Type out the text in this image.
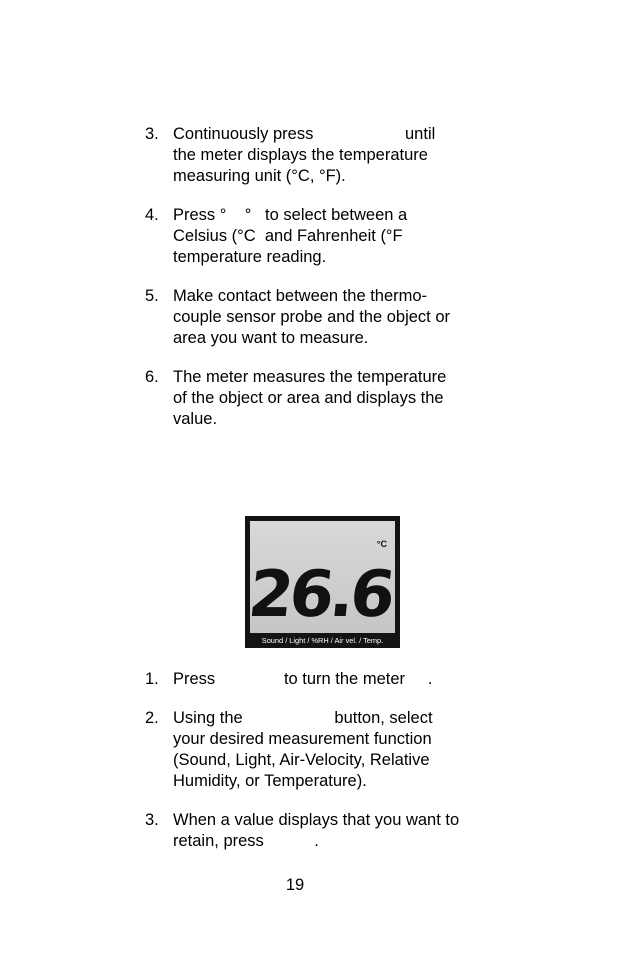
3. Continuously press                    until
the meter displays the temperature
measuring unit (°C, °F).
4. Press °    °   to select between a
Celsius (°C  and Fahrenheit (°F
temperature reading.
5. Make contact between the thermo-
couple sensor probe and the object or
area you want to measure.
6. The meter measures the temperature
of the object or area and displays the
value.
°C
26.6
Sound / Light / %RH / Air vel. / Temp.
1. Press               to turn the meter     .
2. Using the                    button, select
your desired measurement function
(Sound, Light, Air-Velocity, Relative
Humidity, or Temperature).
3. When a value displays that you want to
retain, press           .
19
